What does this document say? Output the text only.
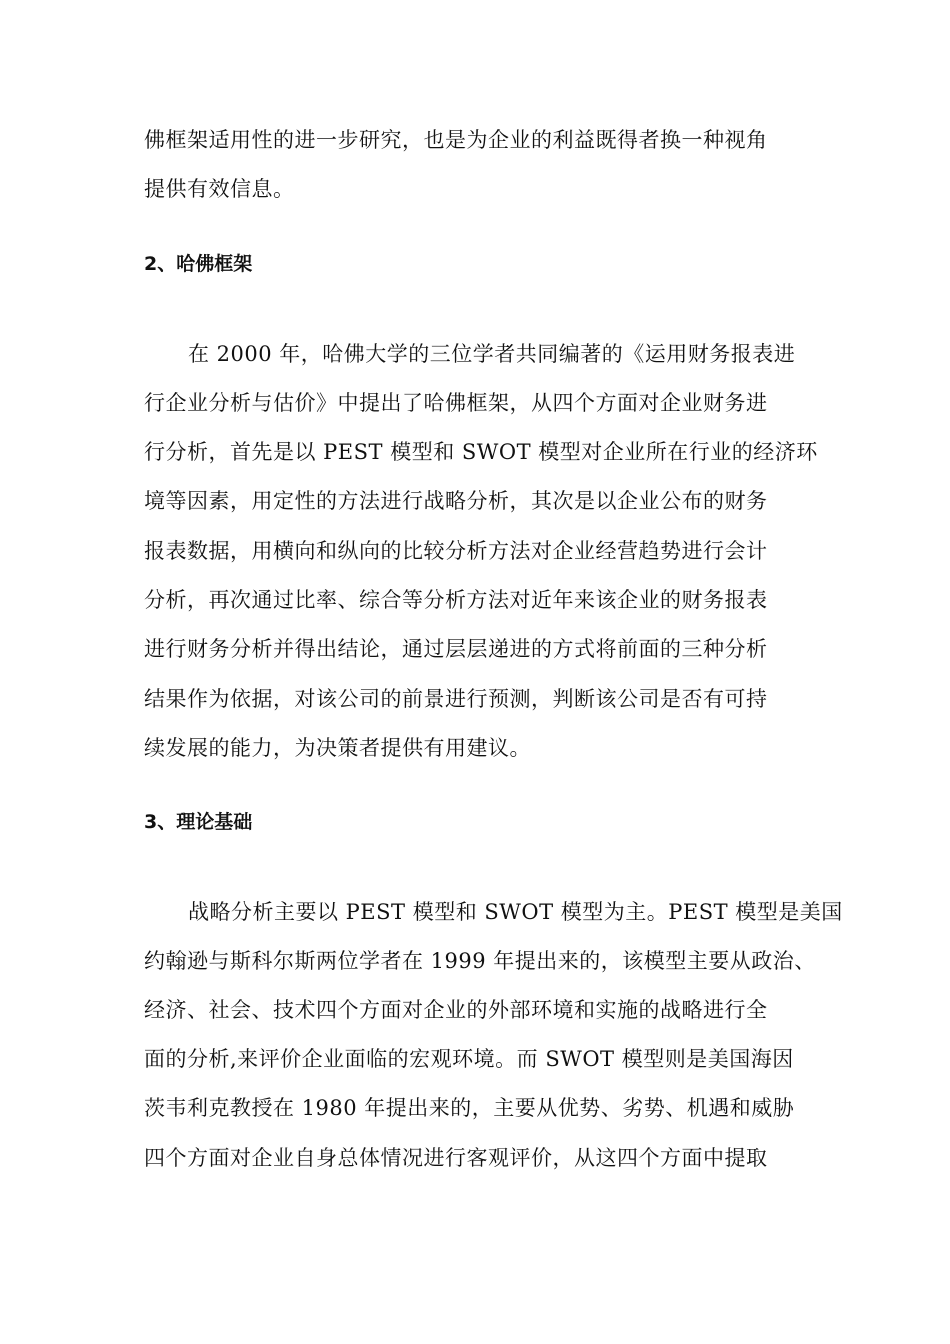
佛框架适用性的进一步研究，也是为企业的利益既得者换一种视角
提供有效信息。
2、哈佛框架
在 2000 年，哈佛大学的三位学者共同编著的《运用财务报表进
行企业分析与估价》中提出了哈佛框架，从四个方面对企业财务进
行分析，首先是以 PEST 模型和 SWOT 模型对企业所在行业的经济环
境等因素，用定性的方法进行战略分析，其次是以企业公布的财务
报表数据，用横向和纵向的比较分析方法对企业经营趋势进行会计
分析，再次通过比率、综合等分析方法对近年来该企业的财务报表
进行财务分析并得出结论，通过层层递进的方式将前面的三种分析
结果作为依据，对该公司的前景进行预测，判断该公司是否有可持
续发展的能力，为决策者提供有用建议。
3、理论基础
战略分析主要以 PEST 模型和 SWOT 模型为主。PEST 模型是美国
约翰逊与斯科尔斯两位学者在 1999 年提出来的，该模型主要从政治、
经济、社会、技术四个方面对企业的外部环境和实施的战略进行全
面的分析,来评价企业面临的宏观环境。而 SWOT 模型则是美国海因
茨韦利克教授在 1980 年提出来的，主要从优势、劣势、机遇和威胁
四个方面对企业自身总体情况进行客观评价，从这四个方面中提取
